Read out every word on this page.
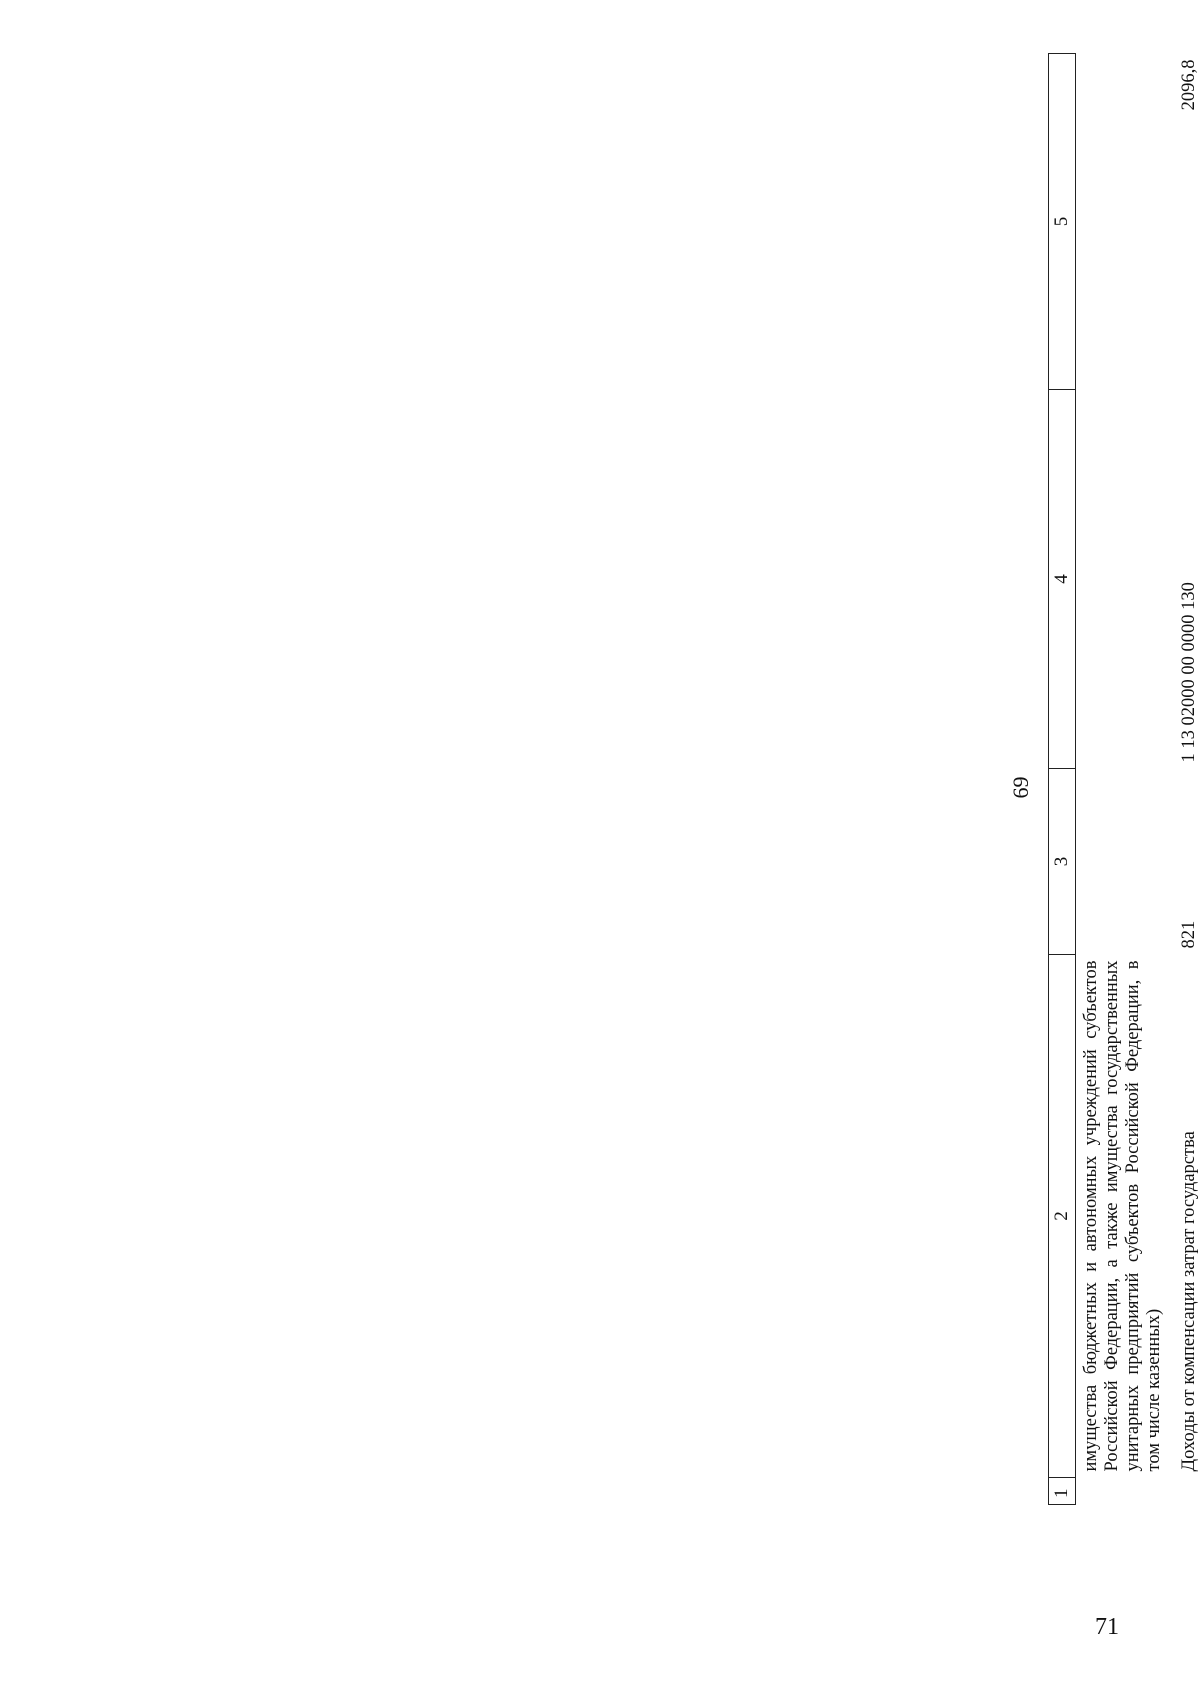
69
1	2	3	4	5
	имущества бюджетных и автономных учреждений субъектов Российской Федерации, а также имущества государственных унитарных предприятий субъектов Российской Федерации, в том числе казенных)			
	Доходы от компенсации затрат государства	821	1 13 02000 00 0000 130	2096,8

71
